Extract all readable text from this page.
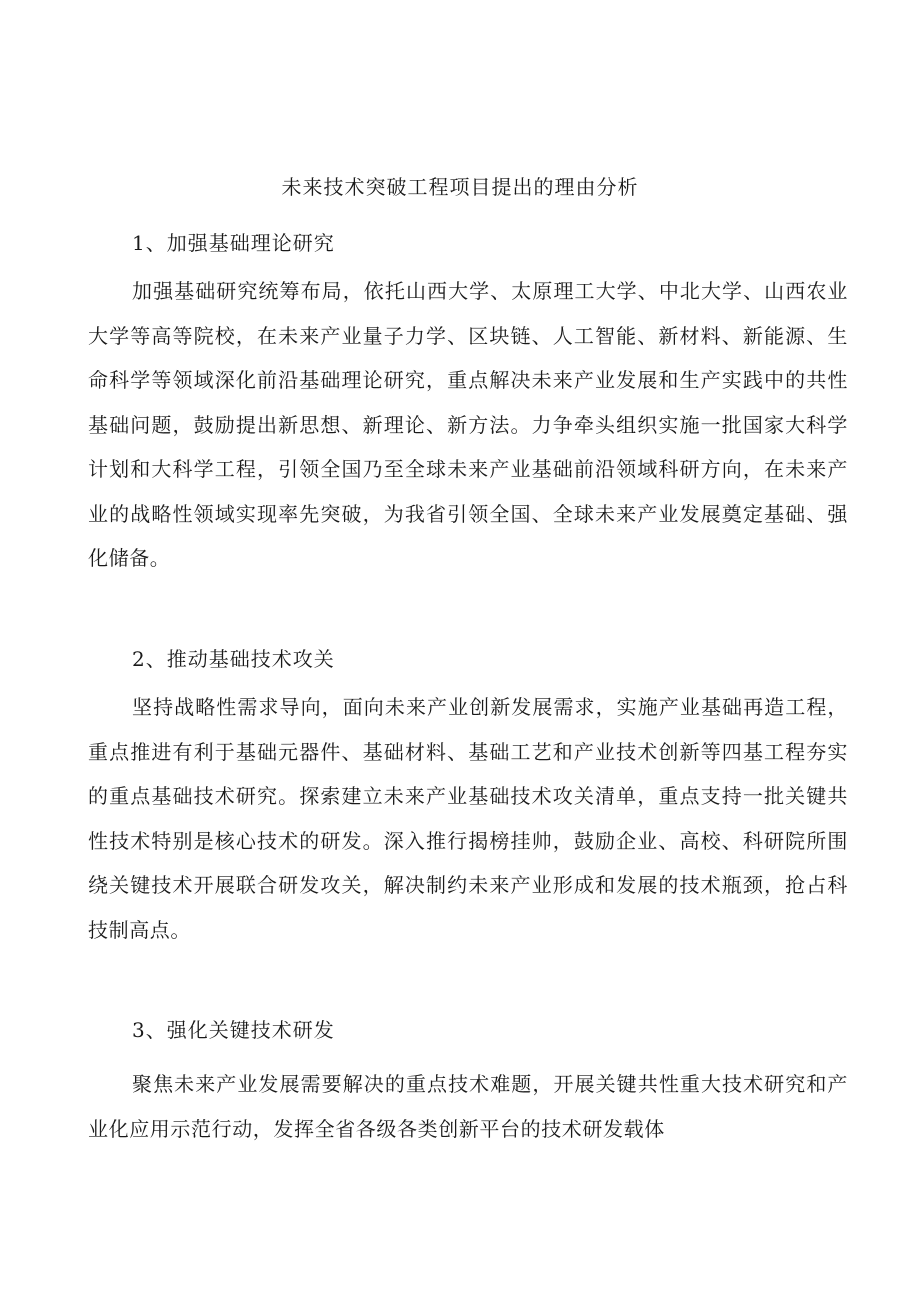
未来技术突破工程项目提出的理由分析
1、加强基础理论研究
加强基础研究统筹布局，依托山西大学、太原理工大学、中北大学、山西农业大学等高等院校，在未来产业量子力学、区块链、人工智能、新材料、新能源、生命科学等领域深化前沿基础理论研究，重点解决未来产业发展和生产实践中的共性基础问题，鼓励提出新思想、新理论、新方法。力争牵头组织实施一批国家大科学计划和大科学工程，引领全国乃至全球未来产业基础前沿领域科研方向，在未来产业的战略性领域实现率先突破，为我省引领全国、全球未来产业发展奠定基础、强化储备。
2、推动基础技术攻关
坚持战略性需求导向，面向未来产业创新发展需求，实施产业基础再造工程，重点推进有利于基础元器件、基础材料、基础工艺和产业技术创新等四基工程夯实的重点基础技术研究。探索建立未来产业基础技术攻关清单，重点支持一批关键共性技术特别是核心技术的研发。深入推行揭榜挂帅，鼓励企业、高校、科研院所围绕关键技术开展联合研发攻关，解决制约未来产业形成和发展的技术瓶颈，抢占科技制高点。
3、强化关键技术研发
聚焦未来产业发展需要解决的重点技术难题，开展关键共性重大技术研究和产业化应用示范行动，发挥全省各级各类创新平台的技术研发载体
